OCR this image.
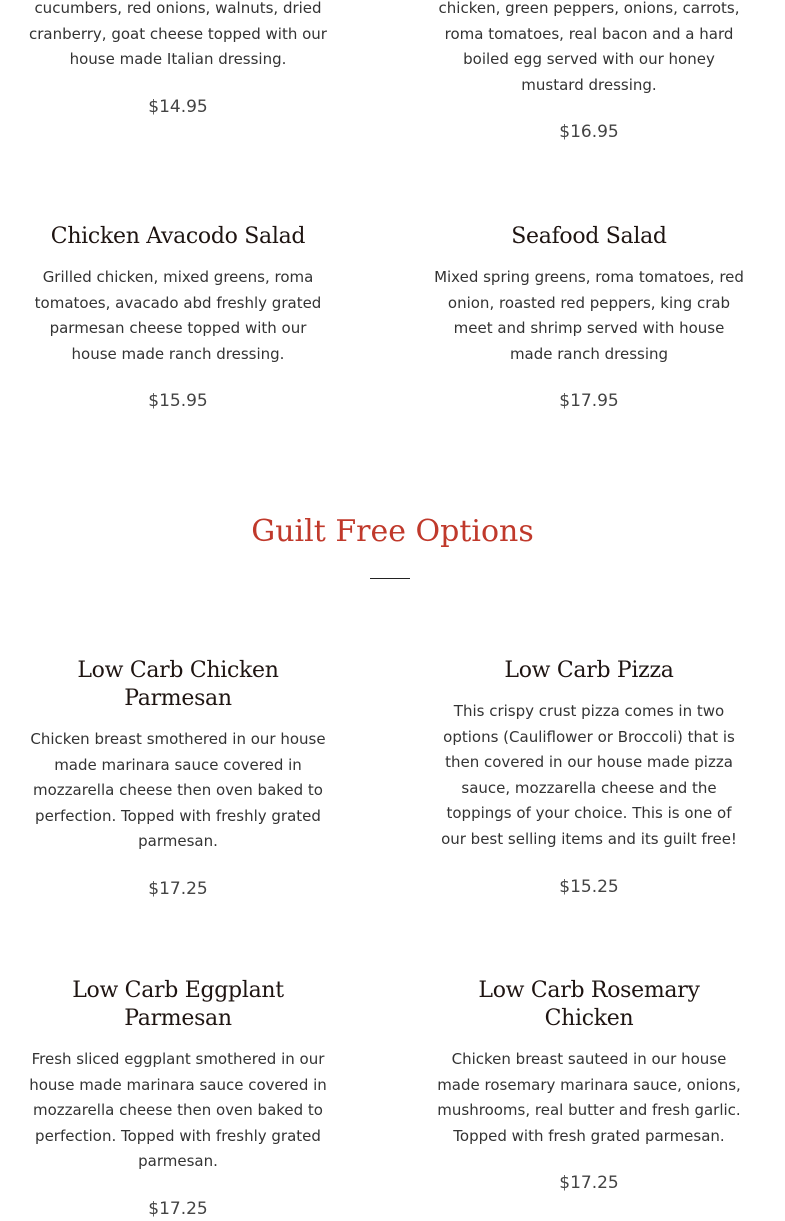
cucumbers, red onions, walnuts, dried cranberry, goat cheese topped with our house made Italian dressing.

$14.95

chicken, green peppers, onions, carrots, roma tomatoes, real bacon and a hard boiled egg served with our honey mustard dressing.

$16.95
Chicken Avacodo Salad

Grilled chicken, mixed greens, roma tomatoes, avacado abd freshly grated parmesan cheese topped with our house made ranch dressing.

$15.95
Seafood Salad

Mixed spring greens, roma tomatoes, red onion, roasted red peppers, king crab meet and shrimp served with house made ranch dressing

$17.95
Guilt Free Options
Low Carb Chicken Parmesan

Chicken breast smothered in our house made marinara sauce covered in mozzarella cheese then oven baked to perfection. Topped with freshly grated parmesan.

$17.25
Low Carb Pizza

This crispy crust pizza comes in two options (Cauliflower or Broccoli) that is then covered in our house made pizza sauce, mozzarella cheese and the toppings of your choice. This is one of our best selling items and its guilt free!

$15.25
Low Carb Eggplant Parmesan

Fresh sliced eggplant smothered in our house made marinara sauce covered in mozzarella cheese then oven baked to perfection. Topped with freshly grated parmesan.

$17.25
Low Carb Rosemary Chicken

Chicken breast sauteed in our house made rosemary marinara sauce, onions, mushrooms, real butter and fresh garlic. Topped with fresh grated parmesan.

$17.25
